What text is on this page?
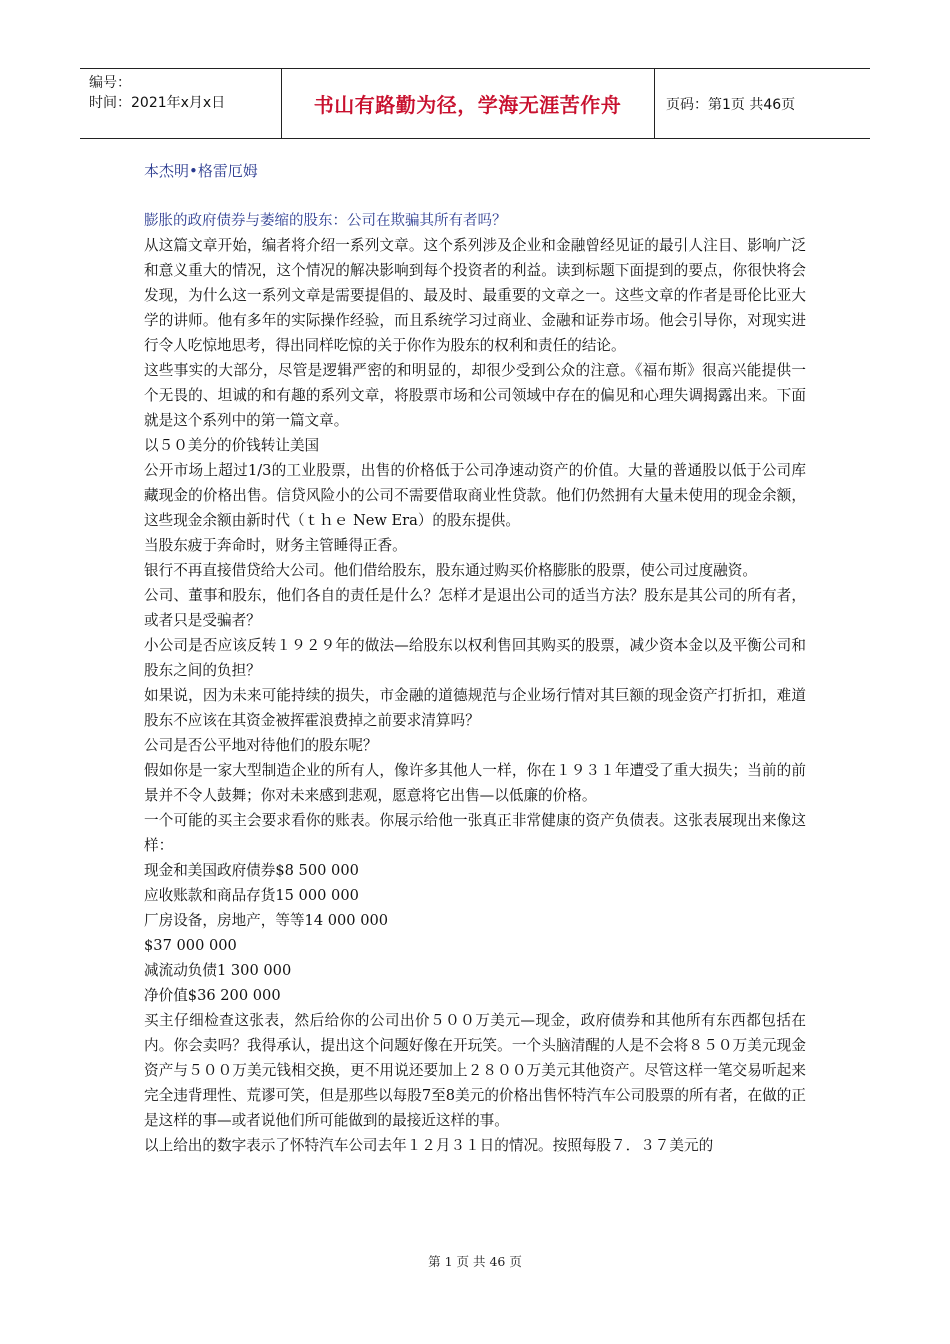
编号：
时间：2021年x月x日	书山有路勤为径，学海无涯苦作舟	页码：第1页 共46页
本杰明•格雷厄姆
膨胀的政府债券与萎缩的股东：公司在欺骗其所有者吗？

从这篇文章开始，编者将介绍一系列文章。这个系列涉及企业和金融曾经见证的最引人注目、影响广泛和意义重大的情况，这个情况的解决影响到每个投资者的利益。读到标题下面提到的要点，你很快将会发现，为什么这一系列文章是需要提倡的、最及时、最重要的文章之一。这些文章的作者是哥伦比亚大学的讲师。他有多年的实际操作经验，而且系统学习过商业、金融和证券市场。他会引导你，对现实进行令人吃惊地思考，得出同样吃惊的关于你作为股东的权利和责任的结论。

这些事实的大部分，尽管是逻辑严密的和明显的，却很少受到公众的注意。《福布斯》很高兴能提供一个无畏的、坦诚的和有趣的系列文章，将股票市场和公司领域中存在的偏见和心理失调揭露出来。下面就是这个系列中的第一篇文章。

以５０美分的价钱转让美国

公开市场上超过1/3的工业股票，出售的价格低于公司净速动资产的价值。大量的普通股以低于公司库藏现金的价格出售。信贷风险小的公司不需要借取商业性贷款。他们仍然拥有大量未使用的现金余额，这些现金余额由新时代（ｔｈｅ New Era）的股东提供。

当股东疲于奔命时，财务主管睡得正香。

银行不再直接借贷给大公司。他们借给股东，股东通过购买价格膨胀的股票，使公司过度融资。

公司、董事和股东，他们各自的责任是什么？怎样才是退出公司的适当方法？股东是其公司的所有者，或者只是受骗者？

小公司是否应该反转１９２９年的做法—给股东以权利售回其购买的股票，减少资本金以及平衡公司和股东之间的负担？

如果说，因为未来可能持续的损失，市金融的道德规范与企业场行情对其巨额的现金资产打折扣，难道股东不应该在其资金被挥霍浪费掉之前要求清算吗？

公司是否公平地对待他们的股东呢？

假如你是一家大型制造企业的所有人，像许多其他人一样，你在１９３１年遭受了重大损失；当前的前景并不令人鼓舞；你对未来感到悲观，愿意将它出售—以低廉的价格。

一个可能的买主会要求看你的账表。你展示给他一张真正非常健康的资产负债表。这张表展现出来像这样：

现金和美国政府债券$8 500 000

应收账款和商品存货15 000 000

厂房设备，房地产，等等14 000 000

$37 000 000

减流动负债1 300 000

净价值$36 200 000

买主仔细检查这张表，然后给你的公司出价５００万美元—现金，政府债券和其他所有东西都包括在内。你会卖吗？我得承认，提出这个问题好像在开玩笑。一个头脑清醒的人是不会将８５０万美元现金资产与５００万美元钱相交换，更不用说还要加上２８００万美元其他资产。尽管这样一笔交易听起来完全违背理性、荒谬可笑，但是那些以每股7至8美元的价格出售怀特汽车公司股票的所有者，在做的正是这样的事—或者说他们所可能做到的最接近这样的事。

以上给出的数字表示了怀特汽车公司去年１２月３１日的情况。按照每股７．３７美元的

第 1 页 共 46 页
